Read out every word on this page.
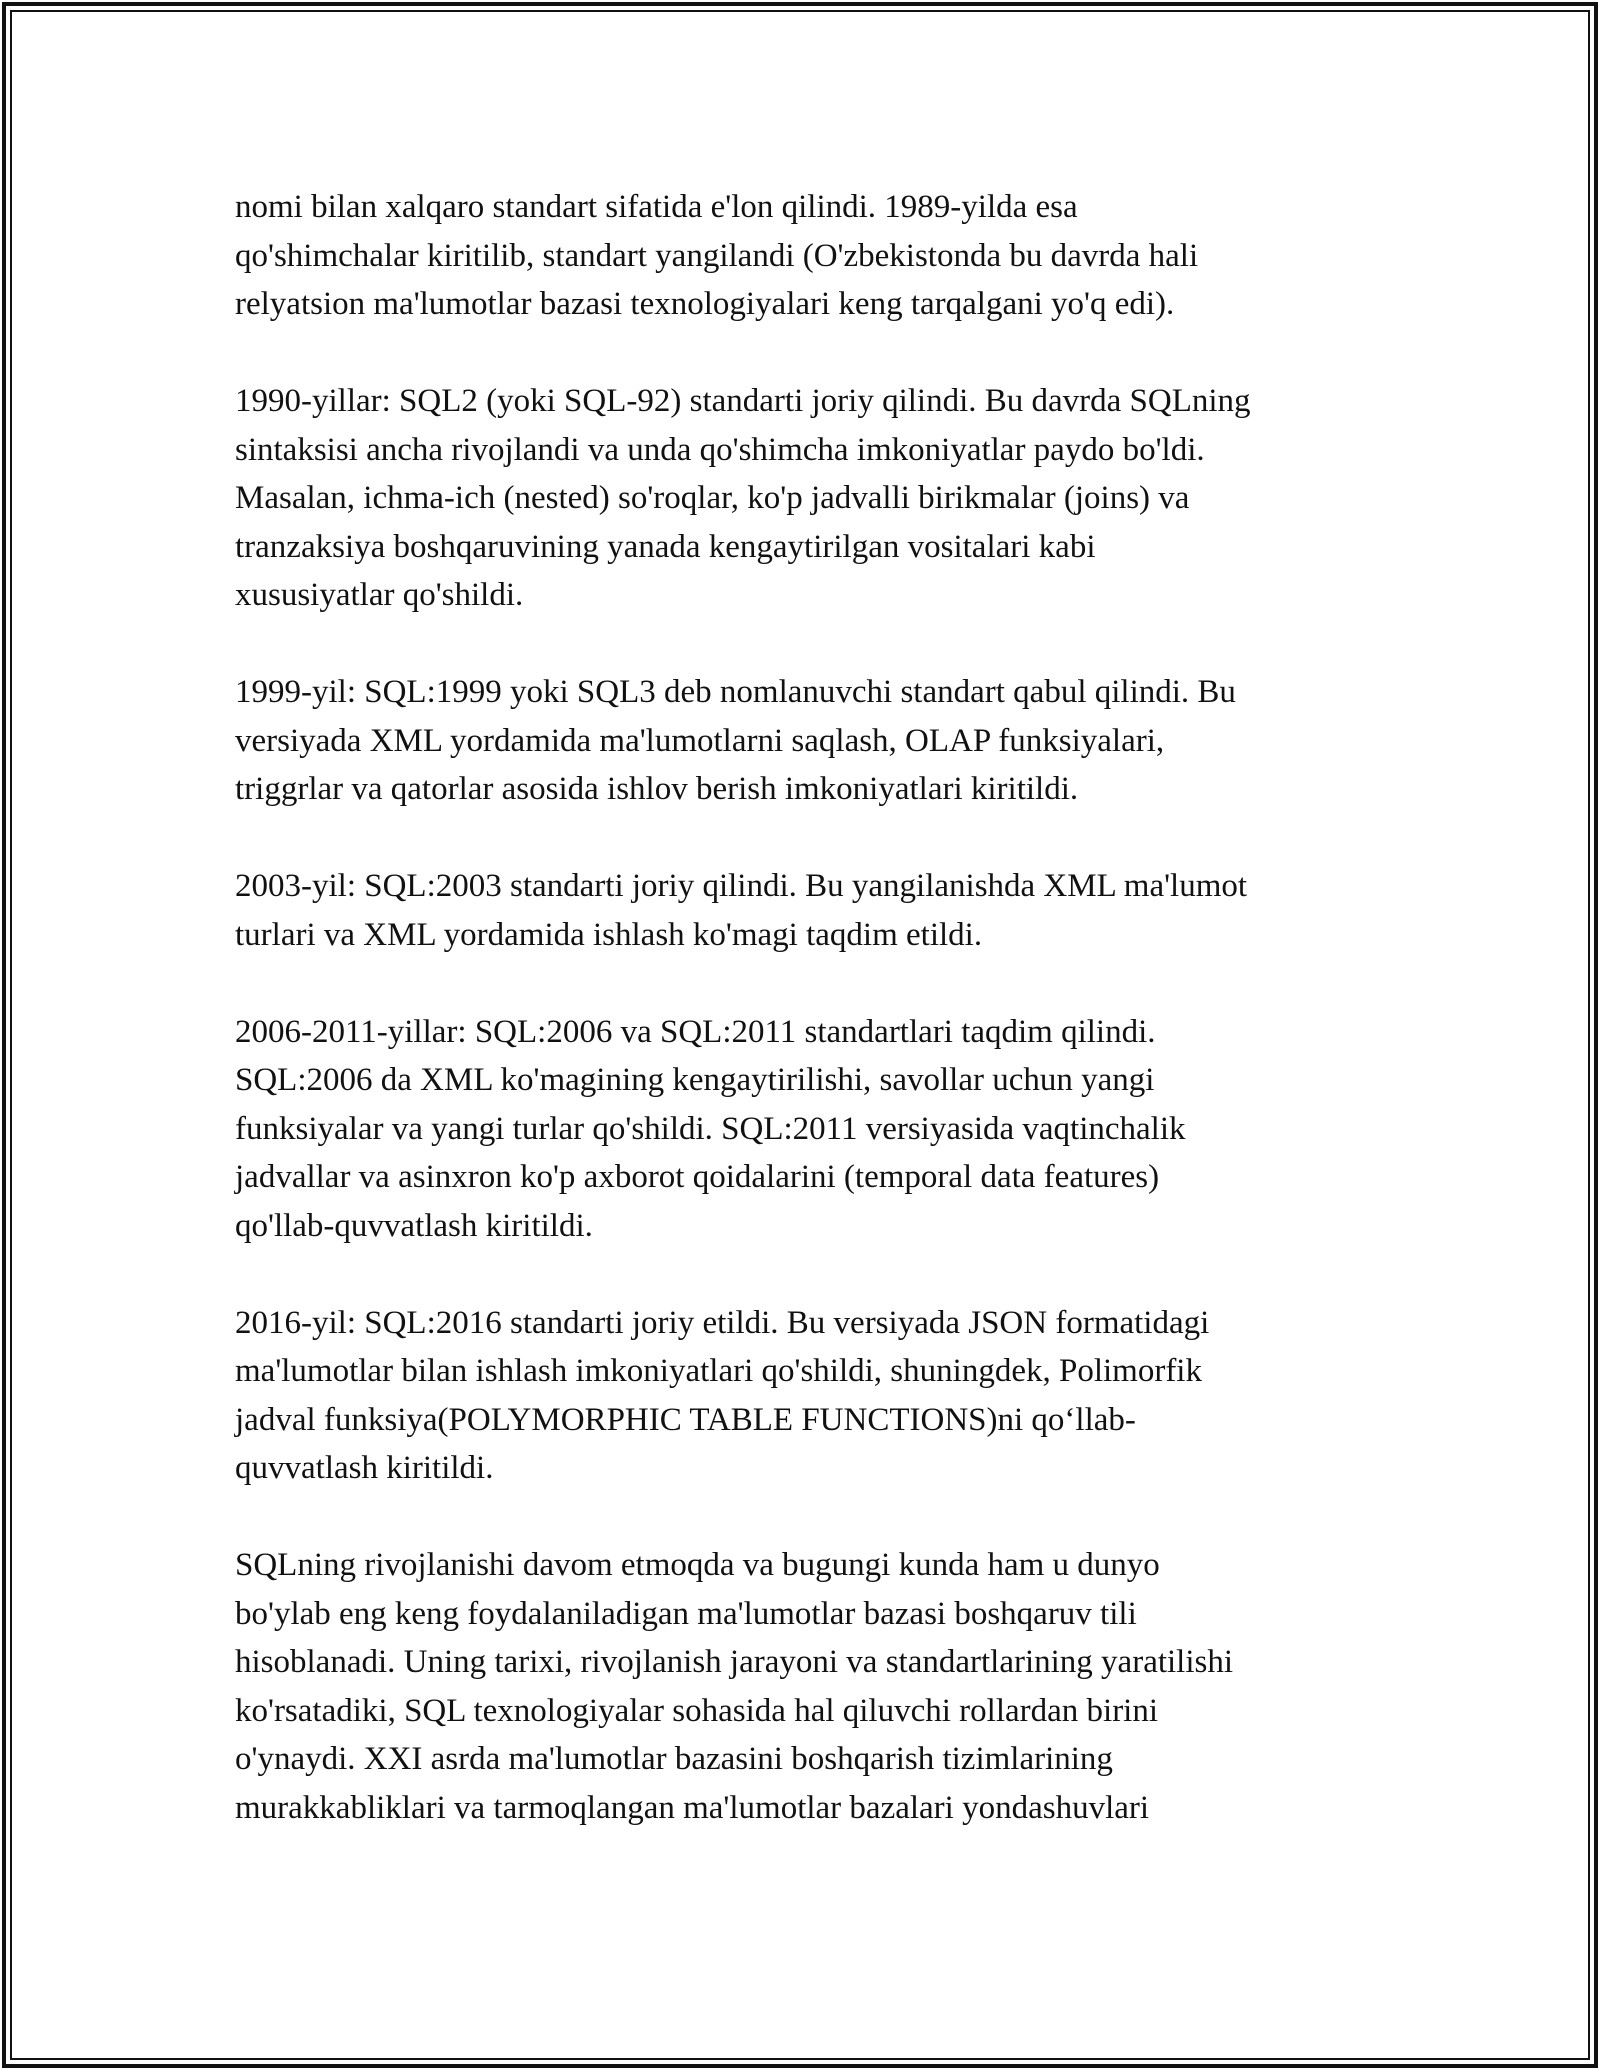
nomi bilan xalqaro standart sifatida e'lon qilindi. 1989-yilda esa
qo'shimchalar kiritilib, standart yangilandi (O'zbekistonda bu davrda hali
relyatsion ma'lumotlar bazasi texnologiyalari keng tarqalgani yo'q edi).

1990-yillar: SQL2 (yoki SQL-92) standarti joriy qilindi. Bu davrda SQLning
sintaksisi ancha rivojlandi va unda qo'shimcha imkoniyatlar paydo bo'ldi.
Masalan, ichma-ich (nested) so'roqlar, ko'p jadvalli birikmalar (joins) va
tranzaksiya boshqaruvining yanada kengaytirilgan vositalari kabi
xususiyatlar qo'shildi.

1999-yil: SQL:1999 yoki SQL3 deb nomlanuvchi standart qabul qilindi. Bu
versiyada XML yordamida ma'lumotlarni saqlash, OLAP funksiyalari,
triggrlar va qatorlar asosida ishlov berish imkoniyatlari kiritildi.

2003-yil: SQL:2003 standarti joriy qilindi. Bu yangilanishda XML ma'lumot
turlari va XML yordamida ishlash ko'magi taqdim etildi.

2006-2011-yillar: SQL:2006 va SQL:2011 standartlari taqdim qilindi.
SQL:2006 da XML ko'magining kengaytirilishi, savollar uchun yangi
funksiyalar va yangi turlar qo'shildi. SQL:2011 versiyasida vaqtinchalik
jadvallar va asinxron ko'p axborot qoidalarini (temporal data features)
qo'llab-quvvatlash kiritildi.

2016-yil: SQL:2016 standarti joriy etildi. Bu versiyada JSON formatidagi
ma'lumotlar bilan ishlash imkoniyatlari qo'shildi, shuningdek, Polimorfik
jadval funksiya(POLYMORPHIC TABLE FUNCTIONS)ni qo‘llab-
quvvatlash kiritildi.

SQLning rivojlanishi davom etmoqda va bugungi kunda ham u dunyo
bo'ylab eng keng foydalaniladigan ma'lumotlar bazasi boshqaruv tili
hisoblanadi. Uning tarixi, rivojlanish jarayoni va standartlarining yaratilishi
ko'rsatadiki, SQL texnologiyalar sohasida hal qiluvchi rollardan birini
o'ynaydi. XXI asrda ma'lumotlar bazasini boshqarish tizimlarining
murakkabliklari va tarmoqlangan ma'lumotlar bazalari yondashuvlari
